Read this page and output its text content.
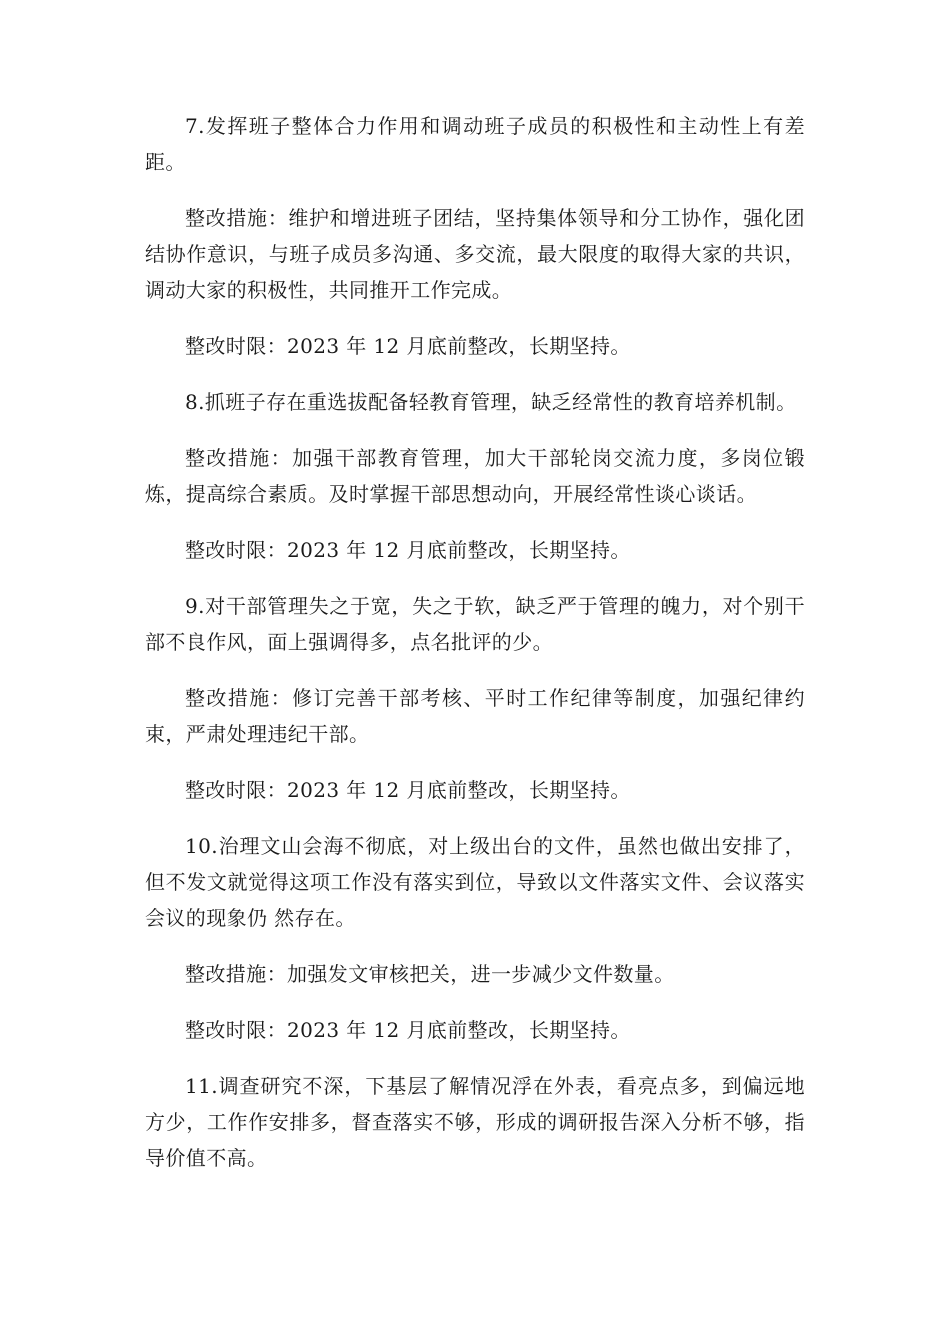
7.发挥班子整体合力作用和调动班子成员的积极性和主动性上有差距。

整改措施：维护和增进班子团结，坚持集体领导和分工协作，强化团结协作意识，与班子成员多沟通、多交流，最大限度的取得大家的共识，调动大家的积极性，共同推开工作完成。

整改时限：2023 年 12 月底前整改，长期坚持。

8.抓班子存在重选拔配备轻教育管理，缺乏经常性的教育培养机制。

整改措施：加强干部教育管理，加大干部轮岗交流力度，多岗位锻炼，提高综合素质。及时掌握干部思想动向，开展经常性谈心谈话。

整改时限：2023 年 12 月底前整改，长期坚持。

9.对干部管理失之于宽，失之于软，缺乏严于管理的魄力，对个别干部不良作风，面上强调得多，点名批评的少。

整改措施：修订完善干部考核、平时工作纪律等制度，加强纪律约束，严肃处理违纪干部。

整改时限：2023 年 12 月底前整改，长期坚持。

10.治理文山会海不彻底，对上级出台的文件，虽然也做出安排了，但不发文就觉得这项工作没有落实到位，导致以文件落实文件、会议落实会议的现象仍 然存在。

整改措施：加强发文审核把关，进一步减少文件数量。

整改时限：2023 年 12 月底前整改，长期坚持。

11.调查研究不深，下基层了解情况浮在外表，看亮点多，到偏远地方少，工作作安排多，督查落实不够，形成的调研报告深入分析不够，指导价值不高。
